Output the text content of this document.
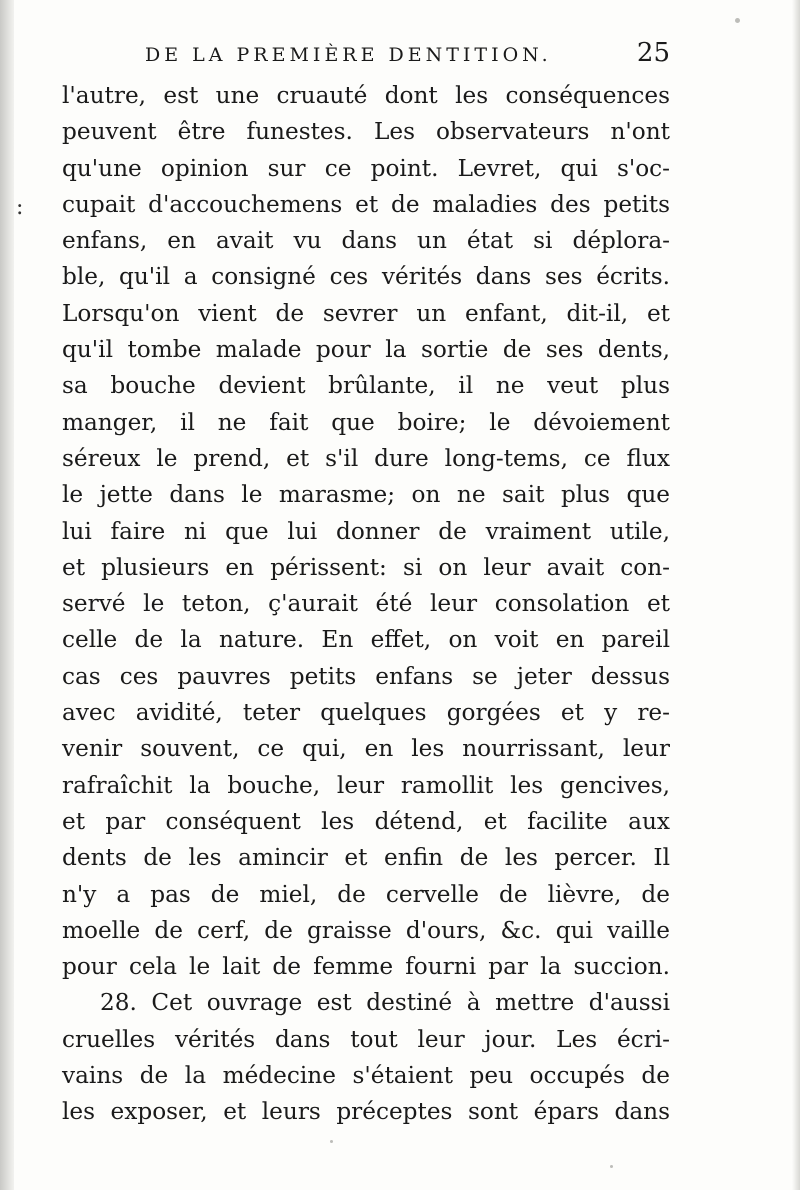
DE LA PREMIÈRE DENTITION.	25
:
l'autre, est une cruauté dont les conséquences
peuvent être funestes. Les observateurs n'ont
qu'une opinion sur ce point. Levret, qui s'oc-
cupait d'accouchemens et de maladies des petits
enfans, en avait vu dans un état si déplora-
ble, qu'il a consigné ces vérités dans ses écrits.
Lorsqu'on vient de sevrer un enfant, dit-il, et
qu'il tombe malade pour la sortie de ses dents,
sa bouche devient brûlante, il ne veut plus
manger, il ne fait que boire; le dévoiement
séreux le prend, et s'il dure long-tems, ce flux
le jette dans le marasme; on ne sait plus que
lui faire ni que lui donner de vraiment utile,
et plusieurs en périssent: si on leur avait con-
servé le teton, ç'aurait été leur consolation et
celle de la nature. En effet, on voit en pareil
cas ces pauvres petits enfans se jeter dessus
avec avidité, teter quelques gorgées et y re-
venir souvent, ce qui, en les nourrissant, leur
rafraîchit la bouche, leur ramollit les gencives,
et par conséquent les détend, et facilite aux
dents de les amincir et enfin de les percer. Il
n'y a pas de miel, de cervelle de lièvre, de
moelle de cerf, de graisse d'ours, &c. qui vaille
pour cela le lait de femme fourni par la succion.
28. Cet ouvrage est destiné à mettre d'aussi
cruelles vérités dans tout leur jour. Les écri-
vains de la médecine s'étaient peu occupés de
les exposer, et leurs préceptes sont épars dans
